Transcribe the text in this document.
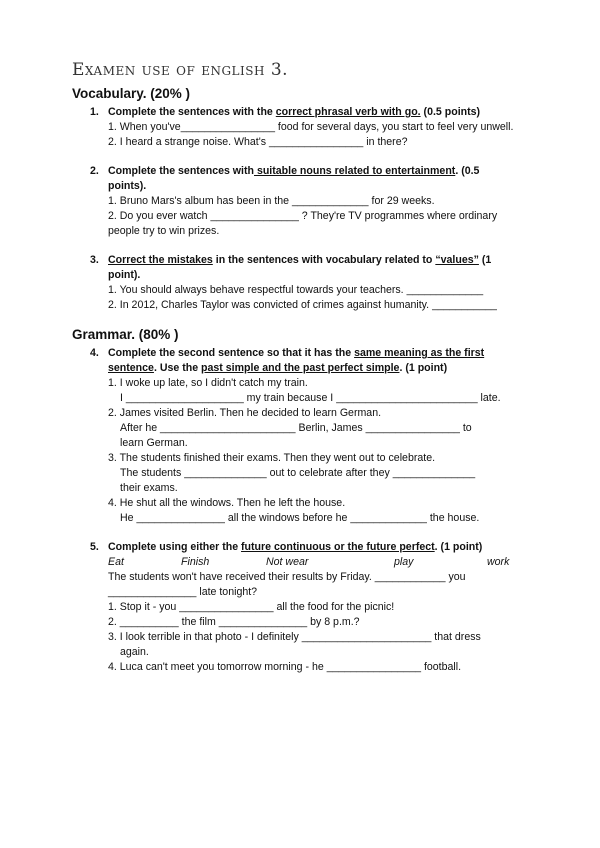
Examen use of english 3.
Vocabulary. (20% )
1. Complete the sentences with the correct phrasal verb with go. (0.5 points)
1. When you've________________ food for several days, you start to feel very unwell.
2. I heard a strange noise. What's ________________ in there?
2. Complete the sentences with suitable nouns related to entertainment. (0.5 points).
1. Bruno Mars's album has been in the _____________ for 29 weeks.
2. Do you ever watch _______________ ? They're TV programmes where ordinary people try to win prizes.
3. Correct the mistakes in the sentences with vocabulary related to “values” (1 point).
1. You should always behave respectful towards your teachers. _____________
2. In 2012, Charles Taylor was convicted of crimes against humanity. ___________
Grammar. (80% )
4. Complete the second sentence so that it has the same meaning as the first sentence. Use the past simple and the past perfect simple. (1 point)
1. I woke up late, so I didn't catch my train.
I ____________________ my train because I ________________________ late.
2. James visited Berlin. Then he decided to learn German.
After he _______________________ Berlin, James ________________ to
learn German.
3. The students finished their exams. Then they went out to celebrate.
The students ______________ out to celebrate after they ______________
their exams.
4. He shut all the windows. Then he left the house.
He _______________ all the windows before he _____________ the house.
5. Complete using either the future continuous or the future perfect. (1 point)
Eat	Finish	Not wear	play	work
The students won't have received their results by Friday. ____________ you
_______________ late tonight?
1. Stop it - you ________________ all the food for the picnic!
2. __________ the film _______________ by 8 p.m.?
3. I look terrible in that photo - I definitely ______________________ that dress
again.
4. Luca can't meet you tomorrow morning - he ________________ football.
